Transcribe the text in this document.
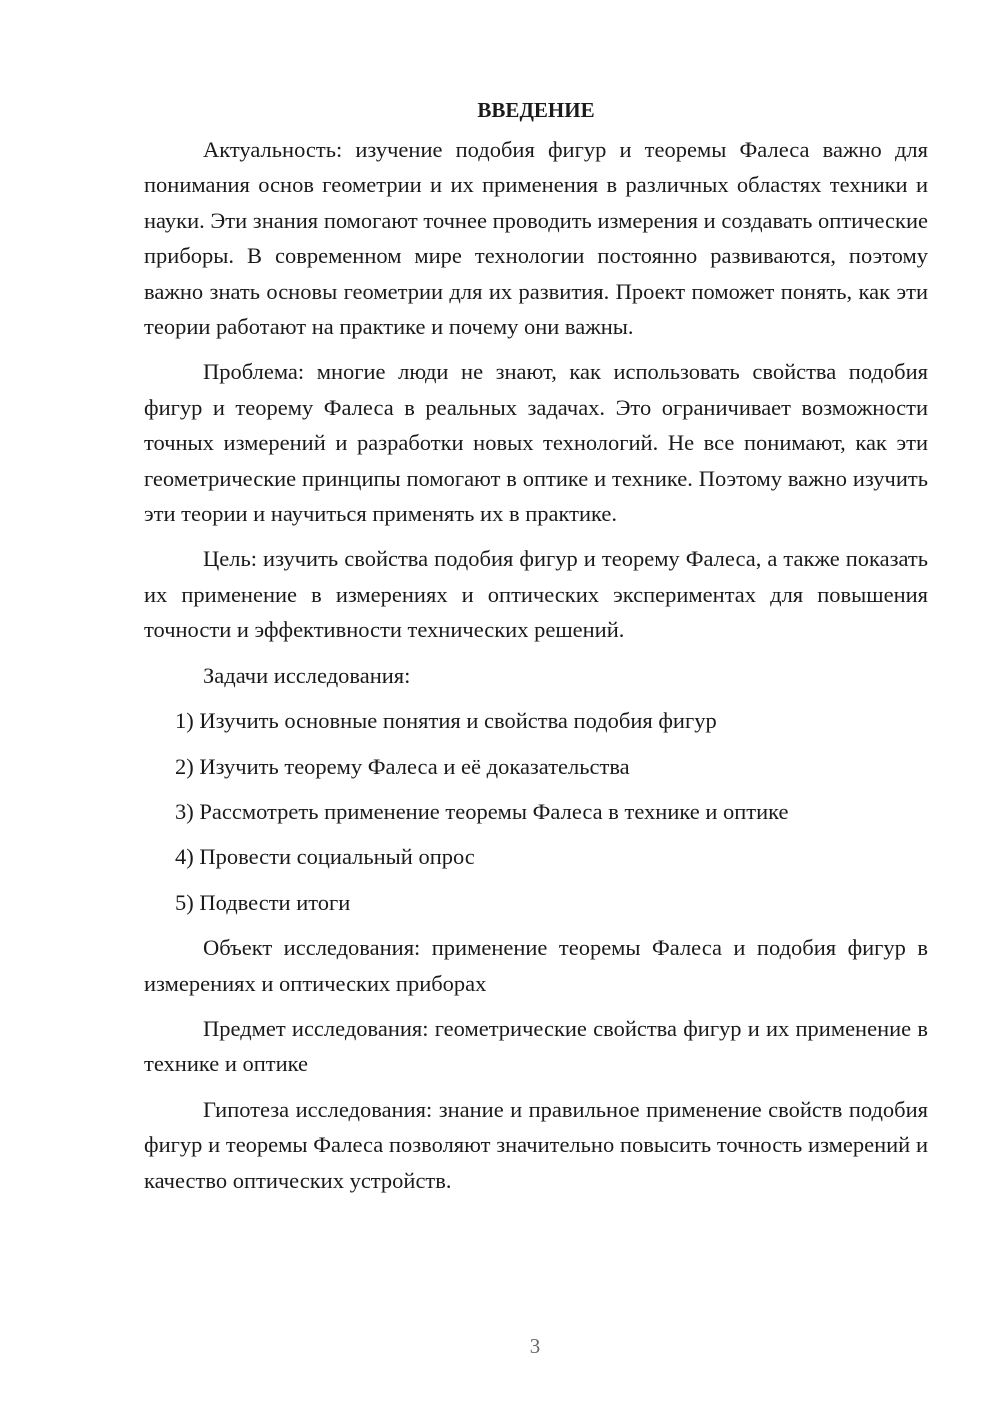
ВВЕДЕНИЕ

Актуальность: изучение подобия фигур и теоремы Фалеса важно для понимания основ геометрии и их применения в различных областях техники и науки. Эти знания помогают точнее проводить измерения и создавать оптические приборы. В современном мире технологии постоянно развиваются, поэтому важно знать основы геометрии для их развития. Проект поможет понять, как эти теории работают на практике и почему они важны.

Проблема: многие люди не знают, как использовать свойства подобия фигур и теорему Фалеса в реальных задачах. Это ограничивает возможности точных измерений и разработки новых технологий. Не все понимают, как эти геометрические принципы помогают в оптике и технике. Поэтому важно изучить эти теории и научиться применять их в практике.

Цель: изучить свойства подобия фигур и теорему Фалеса, а также показать их применение в измерениях и оптических экспериментах для повышения точности и эффективности технических решений.

Задачи исследования:

1) Изучить основные понятия и свойства подобия фигур

2) Изучить теорему Фалеса и её доказательства

3) Рассмотреть применение теоремы Фалеса в технике и оптике

4) Провести социальный опрос

5) Подвести итоги

Объект исследования: применение теоремы Фалеса и подобия фигур в измерениях и оптических приборах

Предмет исследования: геометрические свойства фигур и их применение в технике и оптике

Гипотеза исследования: знание и правильное применение свойств подобия фигур и теоремы Фалеса позволяют значительно повысить точность измерений и качество оптических устройств.

3
